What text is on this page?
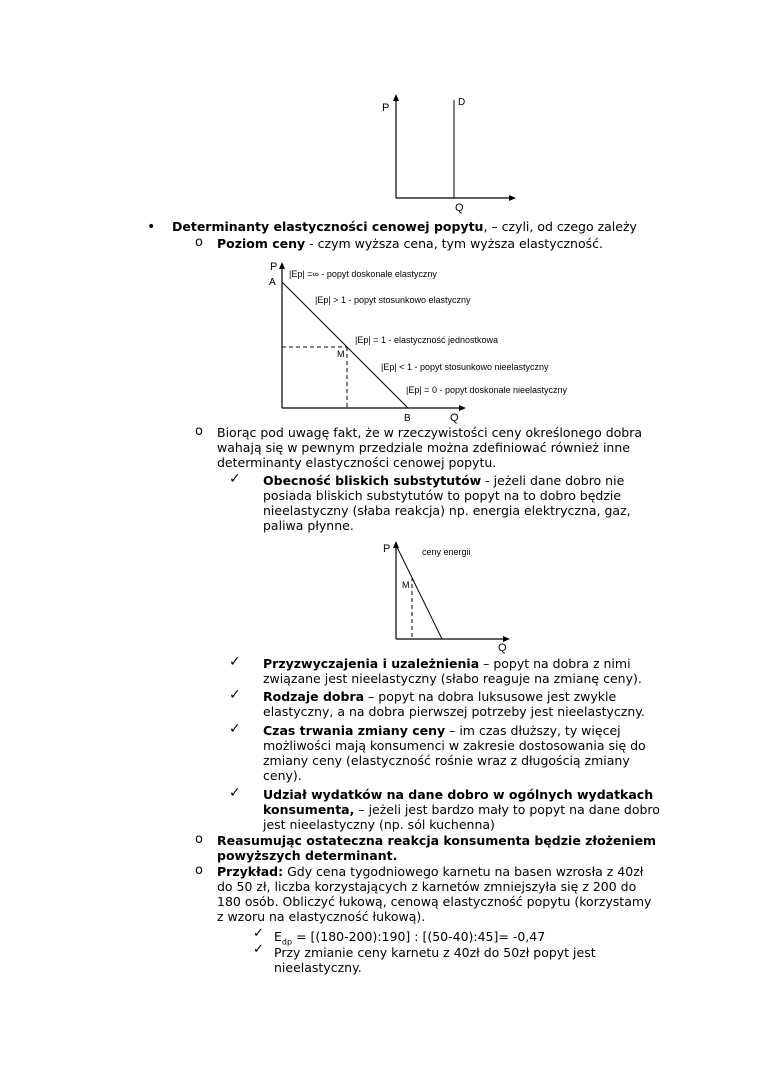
P	D
Q
• Determinanty elastyczności cenowej popytu, – czyli, od czego zależy
o Poziom ceny - czym wyższa cena, tym wyższa elastyczność.
P
A
M
B	Q
|Ep| =∞ - popyt doskonale elastyczny
|Ep| > 1 - popyt stosunkowo elastyczny
|Ep| = 1 - elastyczność jednostkowa
|Ep| < 1 - popyt stosunkowo nieelastyczny
|Ep| = 0 - popyt doskonale nieelastyczny
o Biorąc pod uwagę fakt, że w rzeczywistości ceny określonego dobra
wahają się w pewnym przedziale można zdefiniować również inne
determinanty elastyczności cenowej popytu.
✓ Obecność bliskich substytutów - jeżeli dane dobro nie
posiada bliskich substytutów to popyt na to dobro będzie
nieelastyczny (słaba reakcja) np. energia elektryczna, gaz,
paliwa płynne.
P	ceny energii
M
Q
✓ Przyzwyczajenia i uzależnienia – popyt na dobra z nimi
związane jest nieelastyczny (słabo reaguje na zmianę ceny).
✓ Rodzaje dobra – popyt na dobra luksusowe jest zwykle
elastyczny, a na dobra pierwszej potrzeby jest nieelastyczny.
✓ Czas trwania zmiany ceny – im czas dłuższy, ty więcej
możliwości mają konsumenci w zakresie dostosowania się do
zmiany ceny (elastyczność rośnie wraz z długością zmiany
ceny).
✓ Udział wydatków na dane dobro w ogólnych wydatkach
konsumenta, – jeżeli jest bardzo mały to popyt na dane dobro
jest nieelastyczny (np. sól kuchenna)
o Reasumując ostateczna reakcja konsumenta będzie złożeniem
powyższych determinant.
o Przykład: Gdy cena tygodniowego karnetu na basen wzrosła z 40zł
do 50 zł, liczba korzystających z karnetów zmniejszyła się z 200 do
180 osób. Obliczyć łukową, cenową elastyczność popytu (korzystamy
z wzoru na elastyczność łukową).
✓ $E_{dp}$ = [(180-200):190] : [(50-40):45]= -0,47
✓ Przy zmianie ceny karnetu z 40zł do 50zł popyt jest
nieelastyczny.
